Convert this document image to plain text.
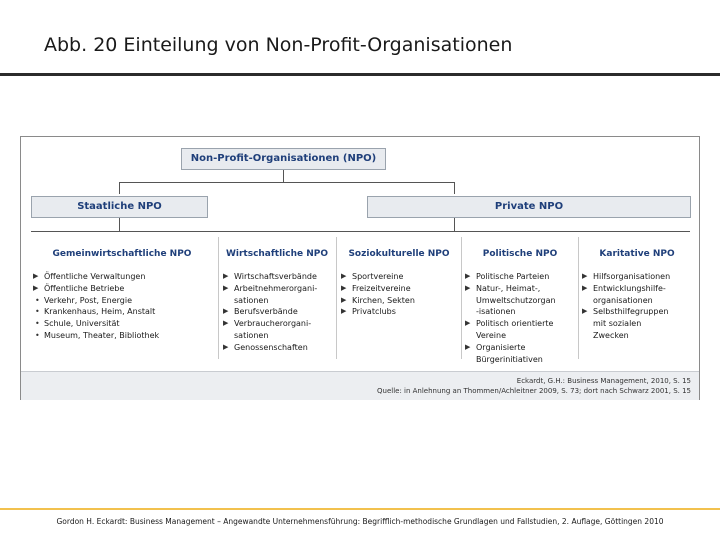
Abb. 20 Einteilung von Non-Profit-Organisationen
Non-Profit-Organisationen (NPO)
Staatliche NPO	Private NPO
Gemeinwirtschaftliche NPO	Wirtschaftliche NPO	Soziokulturelle NPO	Politische NPO	Karitative NPO
▶ Öffentliche Verwaltungen
▶ Öffentliche Betriebe
• Verkehr, Post, Energie
• Krankenhaus, Heim, Anstalt
• Schule, Universität
• Museum, Theater, Bibliothek
▶ Wirtschaftsverbände
▶ Arbeitnehmerorgani-
sationen
▶ Berufsverbände
▶ Verbraucherorgani-
sationen
▶ Genossenschaften
▶ Sportvereine
▶ Freizeitvereine
▶ Kirchen, Sekten
▶ Privatclubs
▶ Politische Parteien
▶ Natur-, Heimat-,
Umweltschutzorgan
-isationen
▶ Politisch orientierte
Vereine
▶ Organisierte
Bürgerinitiativen
▶ Hilfsorganisationen
▶ Entwicklungshilfe-
organisationen
▶ Selbsthilfegruppen
mit sozialen
Zwecken
Eckardt, G.H.: Business Management, 2010, S. 15
Quelle: in Anlehnung an Thommen/Achleitner 2009, S. 73; dort nach Schwarz 2001, S. 15
Gordon H. Eckardt: Business Management – Angewandte Unternehmensführung: Begrifflich-methodische Grundlagen und Fallstudien, 2. Auflage, Göttingen 2010
